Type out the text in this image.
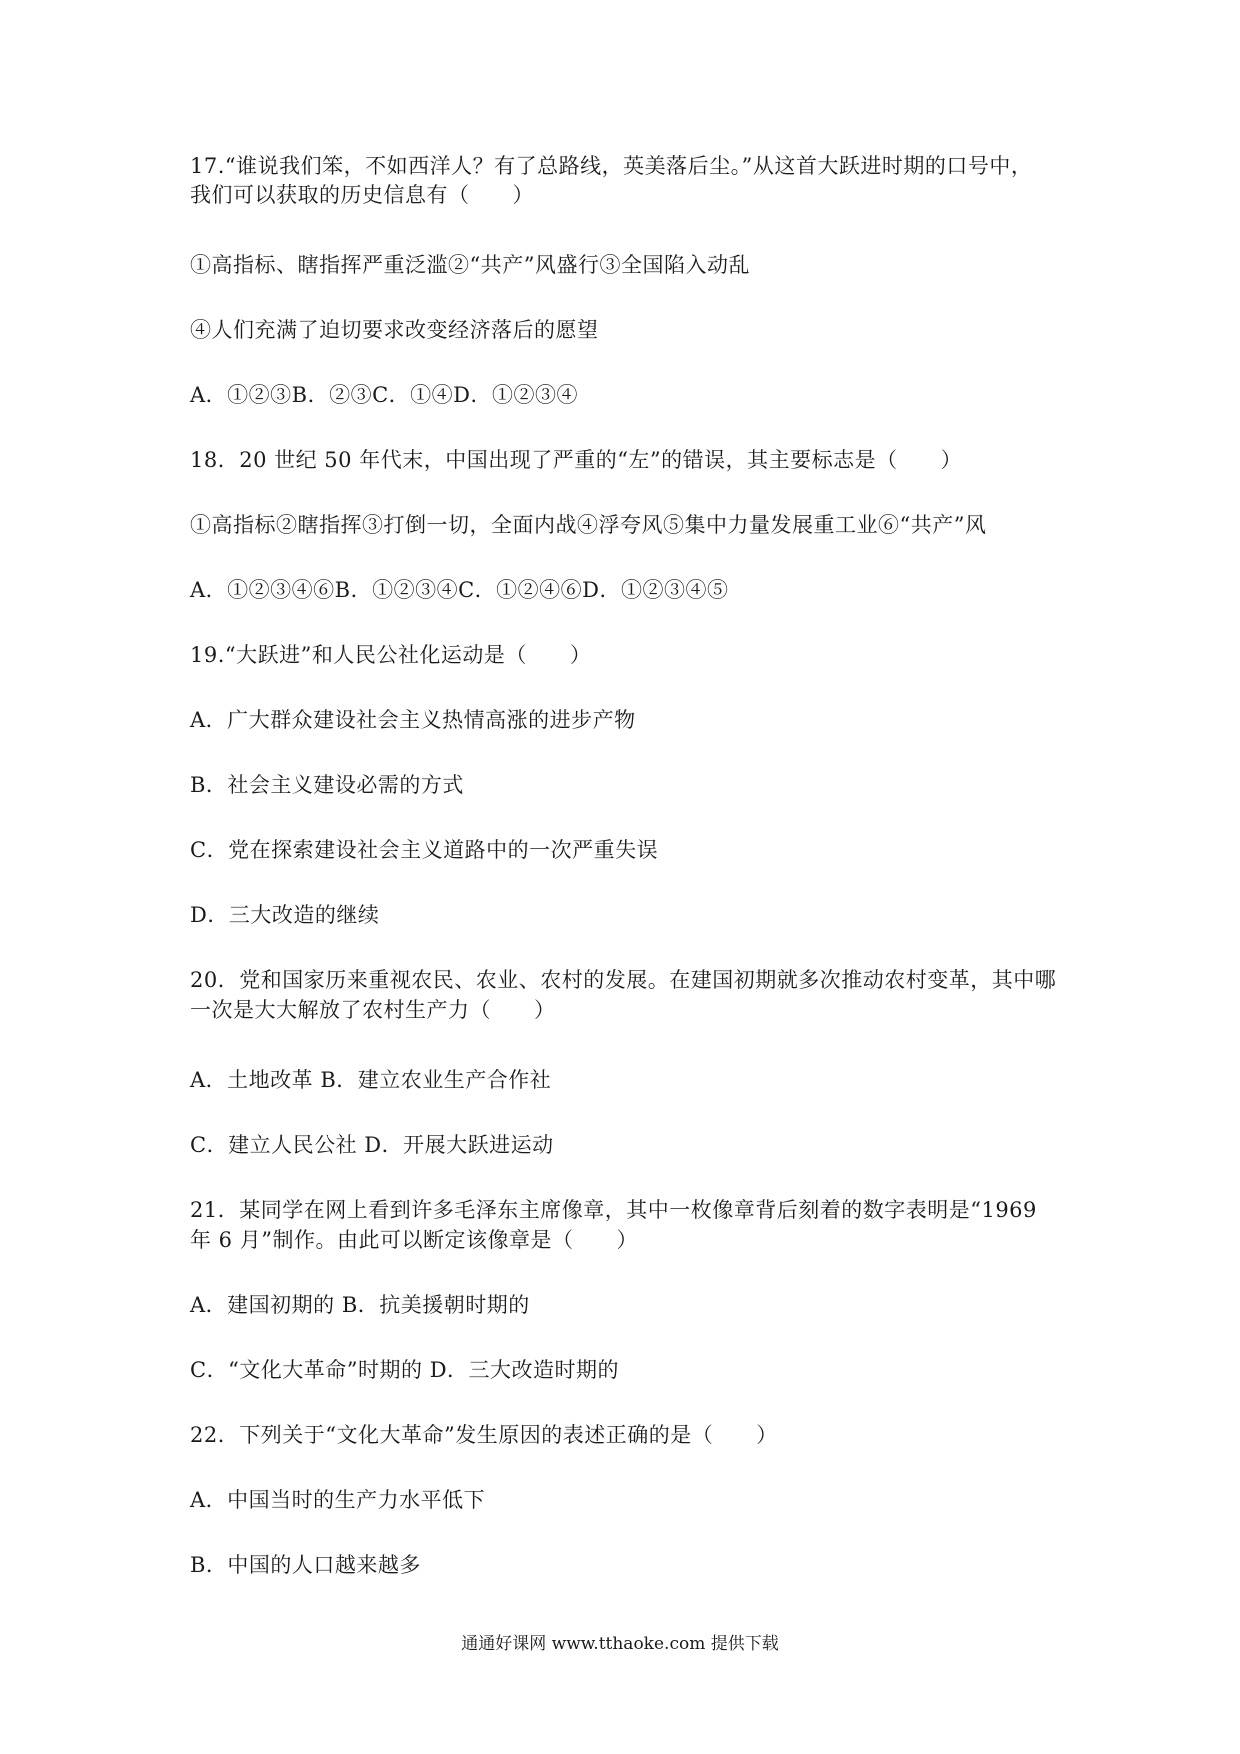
17.“谁说我们笨，不如西洋人？有了总路线，英美落后尘。”从这首大跃进时期的口号中，
我们可以获取的历史信息有（　　）
①高指标、瞎指挥严重泛滥②“共产”风盛行③全国陷入动乱
④人们充满了迫切要求改变经济落后的愿望
A．①②③B．②③C．①④D．①②③④
18．20 世纪 50 年代末，中国出现了严重的“左”的错误，其主要标志是（　　）
①高指标②瞎指挥③打倒一切，全面内战④浮夸风⑤集中力量发展重工业⑥“共产”风
A．①②③④⑥B．①②③④C．①②④⑥D．①②③④⑤
19.“大跃进”和人民公社化运动是（　　）
A．广大群众建设社会主义热情高涨的进步产物
B．社会主义建设必需的方式
C．党在探索建设社会主义道路中的一次严重失误
D．三大改造的继续
20．党和国家历来重视农民、农业、农村的发展。在建国初期就多次推动农村变革，其中哪
一次是大大解放了农村生产力（　　）
A．土地改革 B．建立农业生产合作社
C．建立人民公社 D．开展大跃进运动
21．某同学在网上看到许多毛泽东主席像章，其中一枚像章背后刻着的数字表明是“1969
年 6 月”制作。由此可以断定该像章是（　　）
A．建国初期的 B．抗美援朝时期的
C．“文化大革命”时期的 D．三大改造时期的
22．下列关于“文化大革命”发生原因的表述正确的是（　　）
A．中国当时的生产力水平低下
B．中国的人口越来越多
通通好课网 www.tthaoke.com 提供下载
